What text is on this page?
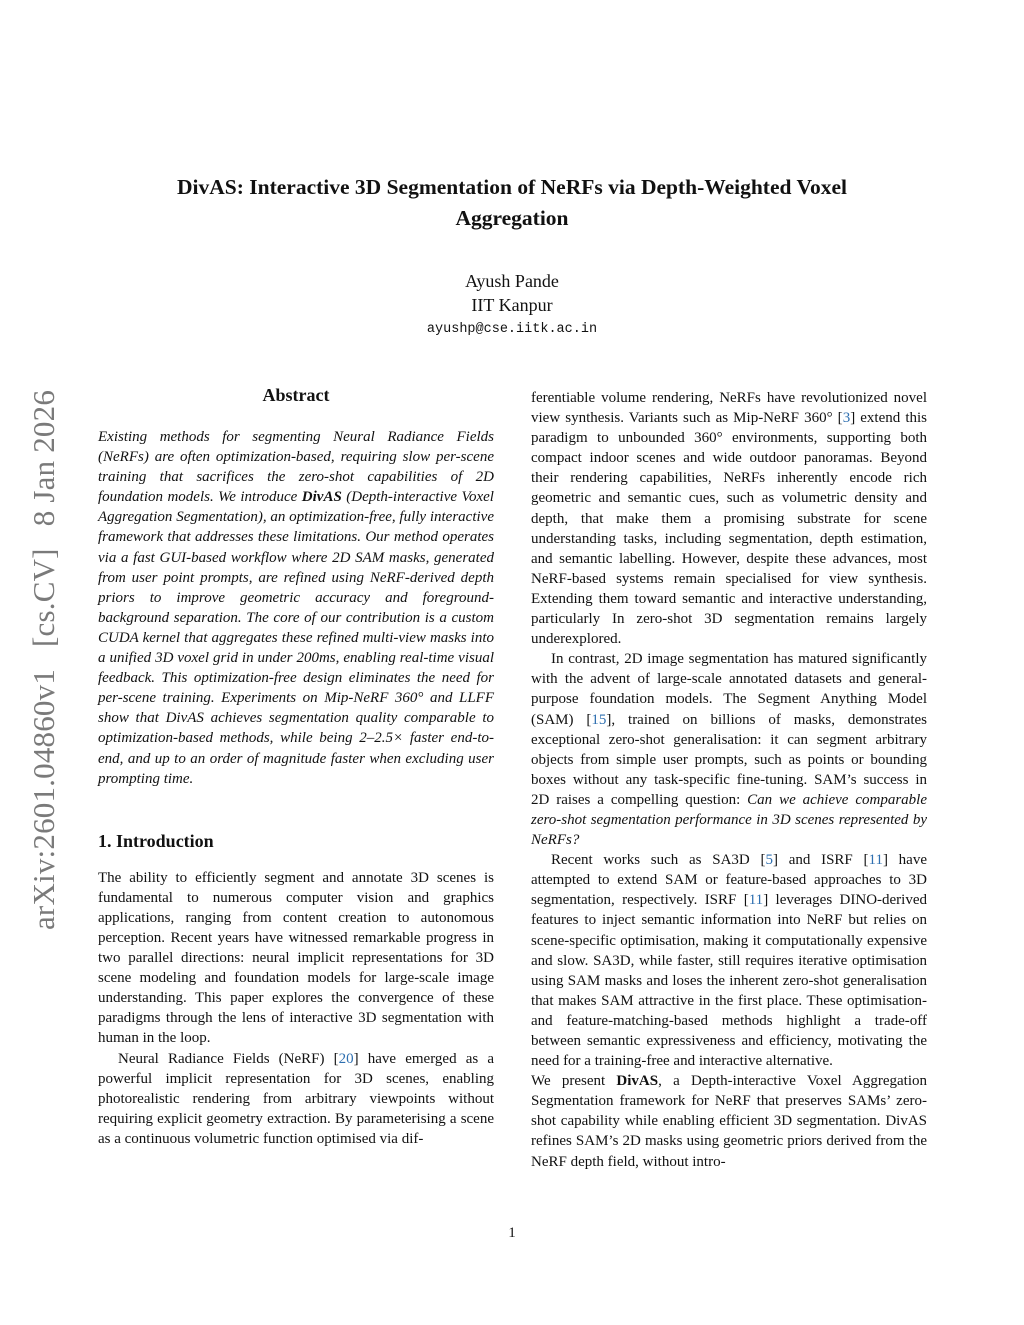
arXiv:2601.04860v1[cs.CV]8 Jan 2026
DivAS: Interactive 3D Segmentation of NeRFs via Depth-Weighted Voxel
Aggregation
Ayush Pande
IIT Kanpur
ayushp@cse.iitk.ac.in
Abstract
Existing methods for segmenting Neural Radiance Fields (NeRFs) are often optimization-based, requiring slow per-scene training that sacrifices the zero-shot capabilities of 2D foundation models. We introduce DivAS (Depth-interactive Voxel Aggregation Segmentation), an optimization-free, fully interactive framework that addresses these limitations. Our method operates via a fast GUI-based workflow where 2D SAM masks, generated from user point prompts, are refined using NeRF-derived depth priors to improve geometric accuracy and foreground-background separation. The core of our contribution is a custom CUDA kernel that aggregates these refined multi-view masks into a unified 3D voxel grid in under 200ms, enabling real-time visual feedback. This optimization-free design eliminates the need for per-scene training. Experiments on Mip-NeRF 360° and LLFF show that DivAS achieves segmentation quality comparable to optimization-based methods, while being 2–2.5× faster end-to-end, and up to an order of magnitude faster when excluding user prompting time.
1. Introduction

The ability to efficiently segment and annotate 3D scenes is fundamental to numerous computer vision and graphics applications, ranging from content creation to autonomous perception. Recent years have witnessed remarkable progress in two parallel directions: neural implicit representations for 3D scene modeling and foundation models for large-scale image understanding. This paper explores the convergence of these paradigms through the lens of interactive 3D segmentation with human in the loop.

Neural Radiance Fields (NeRF) [20] have emerged as a powerful implicit representation for 3D scenes, enabling photorealistic rendering from arbitrary viewpoints without requiring explicit geometry extraction. By parameterising a scene as a continuous volumetric function optimised via dif-

ferentiable volume rendering, NeRFs have revolutionized novel view synthesis. Variants such as Mip-NeRF 360° [3] extend this paradigm to unbounded 360° environments, supporting both compact indoor scenes and wide outdoor panoramas. Beyond their rendering capabilities, NeRFs inherently encode rich geometric and semantic cues, such as volumetric density and depth, that make them a promising substrate for scene understanding tasks, including segmentation, depth estimation, and semantic labelling. However, despite these advances, most NeRF-based systems remain specialised for view synthesis. Extending them toward semantic and interactive understanding, particularly In zero-shot 3D segmentation remains largely underexplored.

In contrast, 2D image segmentation has matured significantly with the advent of large-scale annotated datasets and general-purpose foundation models. The Segment Anything Model (SAM) [15], trained on billions of masks, demonstrates exceptional zero-shot generalisation: it can segment arbitrary objects from simple user prompts, such as points or bounding boxes without any task-specific fine-tuning. SAM’s success in 2D raises a compelling question: Can we achieve comparable zero-shot segmentation performance in 3D scenes represented by NeRFs?

Recent works such as SA3D [5] and ISRF [11] have attempted to extend SAM or feature-based approaches to 3D segmentation, respectively. ISRF [11] leverages DINO-derived features to inject semantic information into NeRF but relies on scene-specific optimisation, making it computationally expensive and slow. SA3D, while faster, still requires iterative optimisation using SAM masks and loses the inherent zero-shot generalisation that makes SAM attractive in the first place. These optimisation- and feature-matching-based methods highlight a trade-off between semantic expressiveness and efficiency, motivating the need for a training-free and interactive alternative.

We present DivAS, a Depth-interactive Voxel Aggregation Segmentation framework for NeRF that preserves SAMs’ zero-shot capability while enabling efficient 3D segmentation. DivAS refines SAM’s 2D masks using geometric priors derived from the NeRF depth field, without intro-

1
